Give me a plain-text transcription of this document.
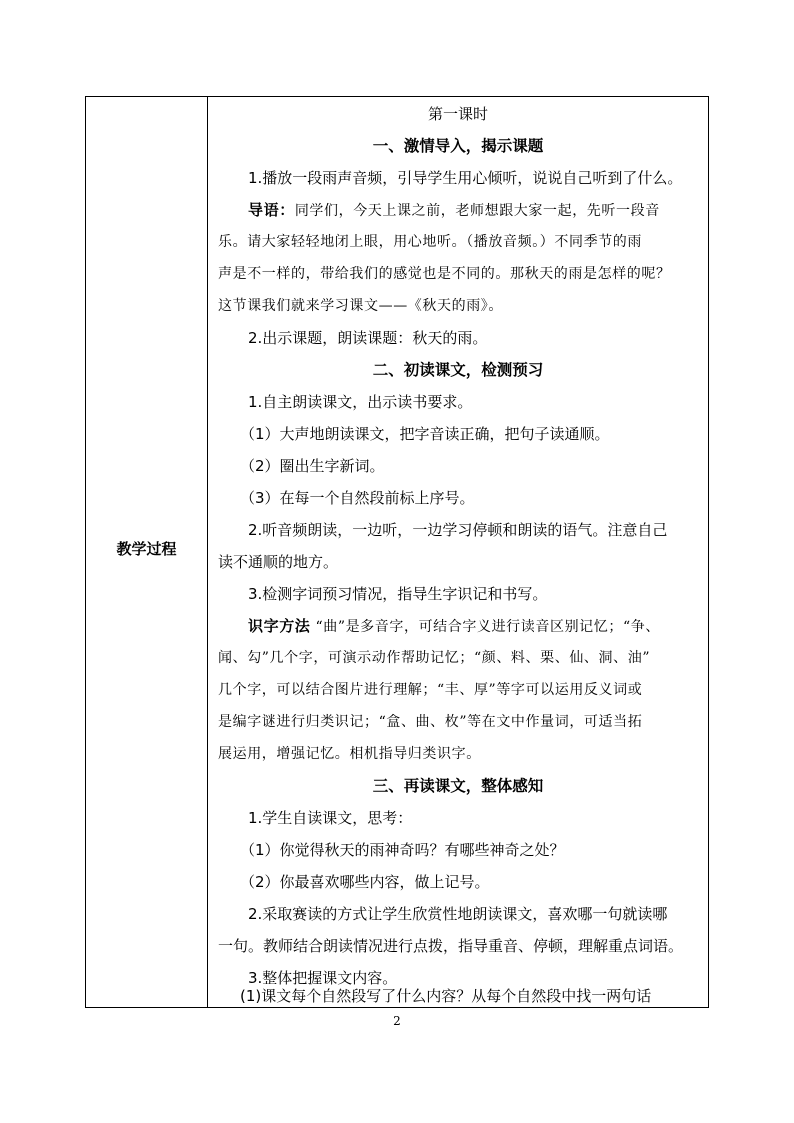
教学过程
第一课时
一、激情导入，揭示课题
1.播放一段雨声音频，引导学生用心倾听，说说自己听到了什么。
导语：同学们，今天上课之前，老师想跟大家一起，先听一段音
乐。请大家轻轻地闭上眼，用心地听。（播放音频。）不同季节的雨
声是不一样的，带给我们的感觉也是不同的。那秋天的雨是怎样的呢？
这节课我们就来学习课文——《秋天的雨》。
2.出示课题，朗读课题：秋天的雨。
二、初读课文，检测预习
1.自主朗读课文，出示读书要求。
（1）大声地朗读课文，把字音读正确，把句子读通顺。
（2）圈出生字新词。
（3）在每一个自然段前标上序号。
2.听音频朗读，一边听，一边学习停顿和朗读的语气。注意自己
读不通顺的地方。
3.检测字词预习情况，指导生字识记和书写。
识字方法 “曲”是多音字，可结合字义进行读音区别记忆；“争、
闻、勾”几个字，可演示动作帮助记忆；“颜、料、栗、仙、洞、油”
几个字，可以结合图片进行理解；“丰、厚”等字可以运用反义词或
是编字谜进行归类识记；“盒、曲、枚”等在文中作量词，可适当拓
展运用，增强记忆。相机指导归类识字。
三、再读课文，整体感知
1.学生自读课文，思考：
（1）你觉得秋天的雨神奇吗？有哪些神奇之处？
（2）你最喜欢哪些内容，做上记号。
2.采取赛读的方式让学生欣赏性地朗读课文，喜欢哪一句就读哪
一句。教师结合朗读情况进行点拨，指导重音、停顿，理解重点词语。
3.整体把握课文内容。
(1)课文每个自然段写了什么内容？从每个自然段中找一两句话
2
